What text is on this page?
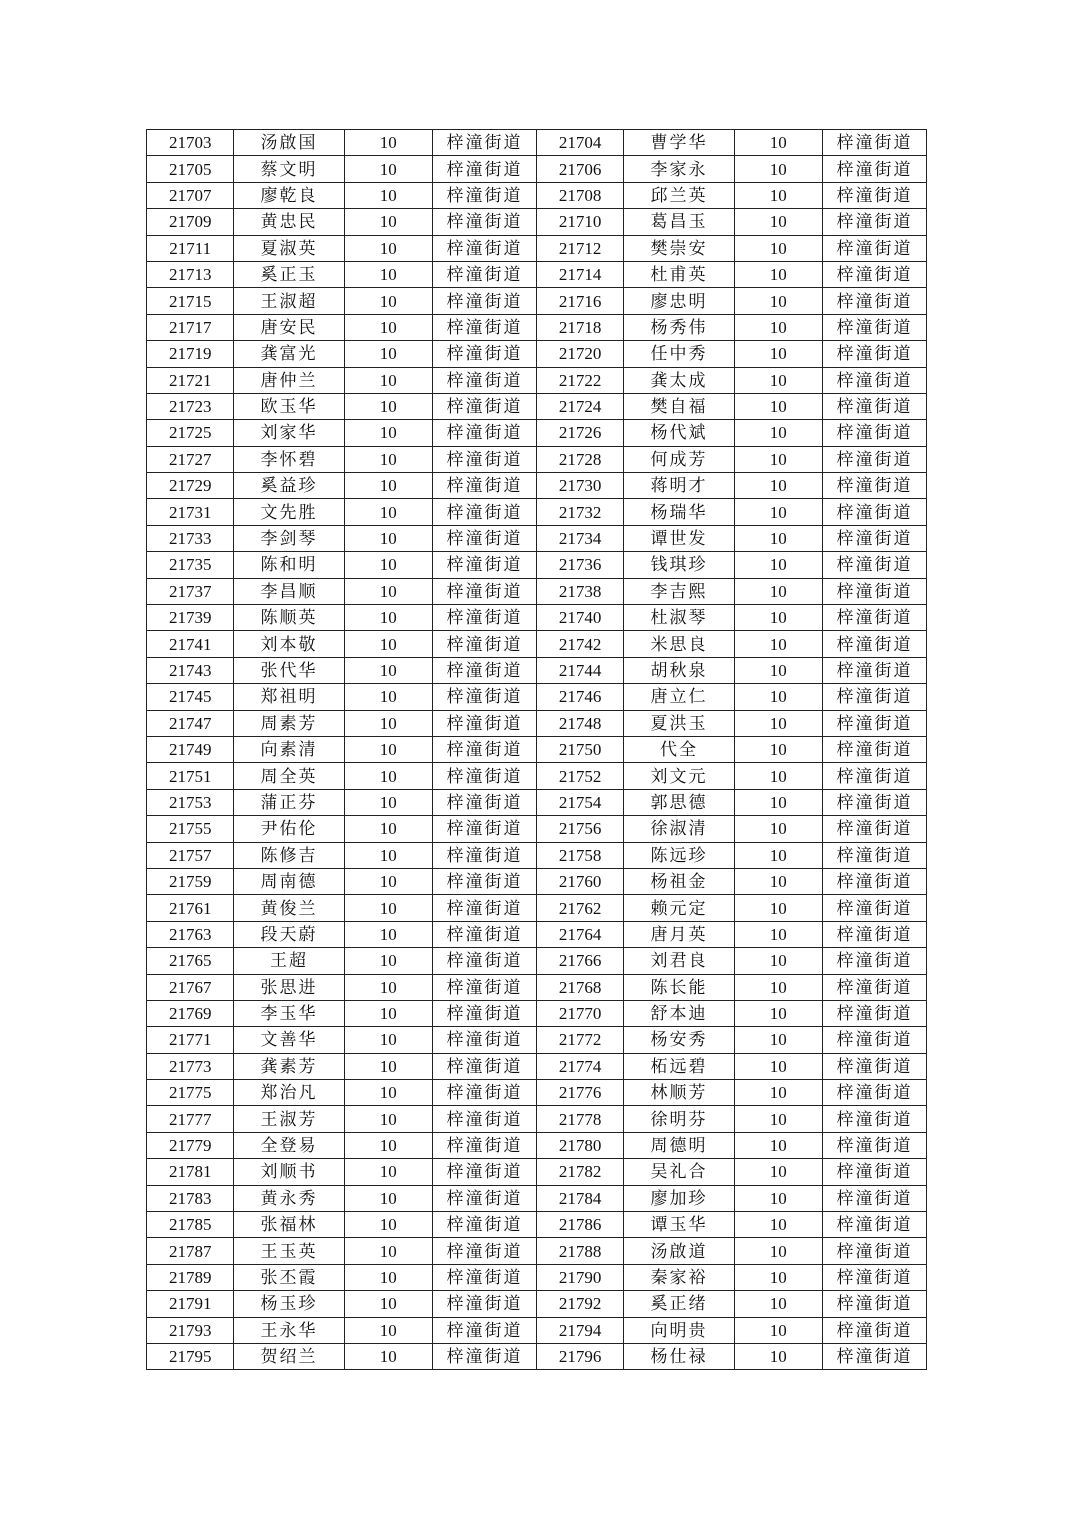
21703	汤啟国	10	梓潼街道	21704	曹学华	10	梓潼街道
21705	蔡文明	10	梓潼街道	21706	李家永	10	梓潼街道
21707	廖乾良	10	梓潼街道	21708	邱兰英	10	梓潼街道
21709	黄忠民	10	梓潼街道	21710	葛昌玉	10	梓潼街道
21711	夏淑英	10	梓潼街道	21712	樊崇安	10	梓潼街道
21713	奚正玉	10	梓潼街道	21714	杜甫英	10	梓潼街道
21715	王淑超	10	梓潼街道	21716	廖忠明	10	梓潼街道
21717	唐安民	10	梓潼街道	21718	杨秀伟	10	梓潼街道
21719	龚富光	10	梓潼街道	21720	任中秀	10	梓潼街道
21721	唐仲兰	10	梓潼街道	21722	龚太成	10	梓潼街道
21723	欧玉华	10	梓潼街道	21724	樊自福	10	梓潼街道
21725	刘家华	10	梓潼街道	21726	杨代斌	10	梓潼街道
21727	李怀碧	10	梓潼街道	21728	何成芳	10	梓潼街道
21729	奚益珍	10	梓潼街道	21730	蒋明才	10	梓潼街道
21731	文先胜	10	梓潼街道	21732	杨瑞华	10	梓潼街道
21733	李剑琴	10	梓潼街道	21734	谭世发	10	梓潼街道
21735	陈和明	10	梓潼街道	21736	钱琪珍	10	梓潼街道
21737	李昌顺	10	梓潼街道	21738	李吉熙	10	梓潼街道
21739	陈顺英	10	梓潼街道	21740	杜淑琴	10	梓潼街道
21741	刘本敬	10	梓潼街道	21742	米思良	10	梓潼街道
21743	张代华	10	梓潼街道	21744	胡秋泉	10	梓潼街道
21745	郑祖明	10	梓潼街道	21746	唐立仁	10	梓潼街道
21747	周素芳	10	梓潼街道	21748	夏洪玉	10	梓潼街道
21749	向素清	10	梓潼街道	21750	代全	10	梓潼街道
21751	周全英	10	梓潼街道	21752	刘文元	10	梓潼街道
21753	蒲正芬	10	梓潼街道	21754	郭思德	10	梓潼街道
21755	尹佑伦	10	梓潼街道	21756	徐淑清	10	梓潼街道
21757	陈修吉	10	梓潼街道	21758	陈远珍	10	梓潼街道
21759	周南德	10	梓潼街道	21760	杨祖金	10	梓潼街道
21761	黄俊兰	10	梓潼街道	21762	赖元定	10	梓潼街道
21763	段天蔚	10	梓潼街道	21764	唐月英	10	梓潼街道
21765	王超	10	梓潼街道	21766	刘君良	10	梓潼街道
21767	张思进	10	梓潼街道	21768	陈长能	10	梓潼街道
21769	李玉华	10	梓潼街道	21770	舒本迪	10	梓潼街道
21771	文善华	10	梓潼街道	21772	杨安秀	10	梓潼街道
21773	龚素芳	10	梓潼街道	21774	柘远碧	10	梓潼街道
21775	郑治凡	10	梓潼街道	21776	林顺芳	10	梓潼街道
21777	王淑芳	10	梓潼街道	21778	徐明芬	10	梓潼街道
21779	全登易	10	梓潼街道	21780	周德明	10	梓潼街道
21781	刘顺书	10	梓潼街道	21782	吴礼合	10	梓潼街道
21783	黄永秀	10	梓潼街道	21784	廖加珍	10	梓潼街道
21785	张福林	10	梓潼街道	21786	谭玉华	10	梓潼街道
21787	王玉英	10	梓潼街道	21788	汤啟道	10	梓潼街道
21789	张丕霞	10	梓潼街道	21790	秦家裕	10	梓潼街道
21791	杨玉珍	10	梓潼街道	21792	奚正绪	10	梓潼街道
21793	王永华	10	梓潼街道	21794	向明贵	10	梓潼街道
21795	贺绍兰	10	梓潼街道	21796	杨仕禄	10	梓潼街道
